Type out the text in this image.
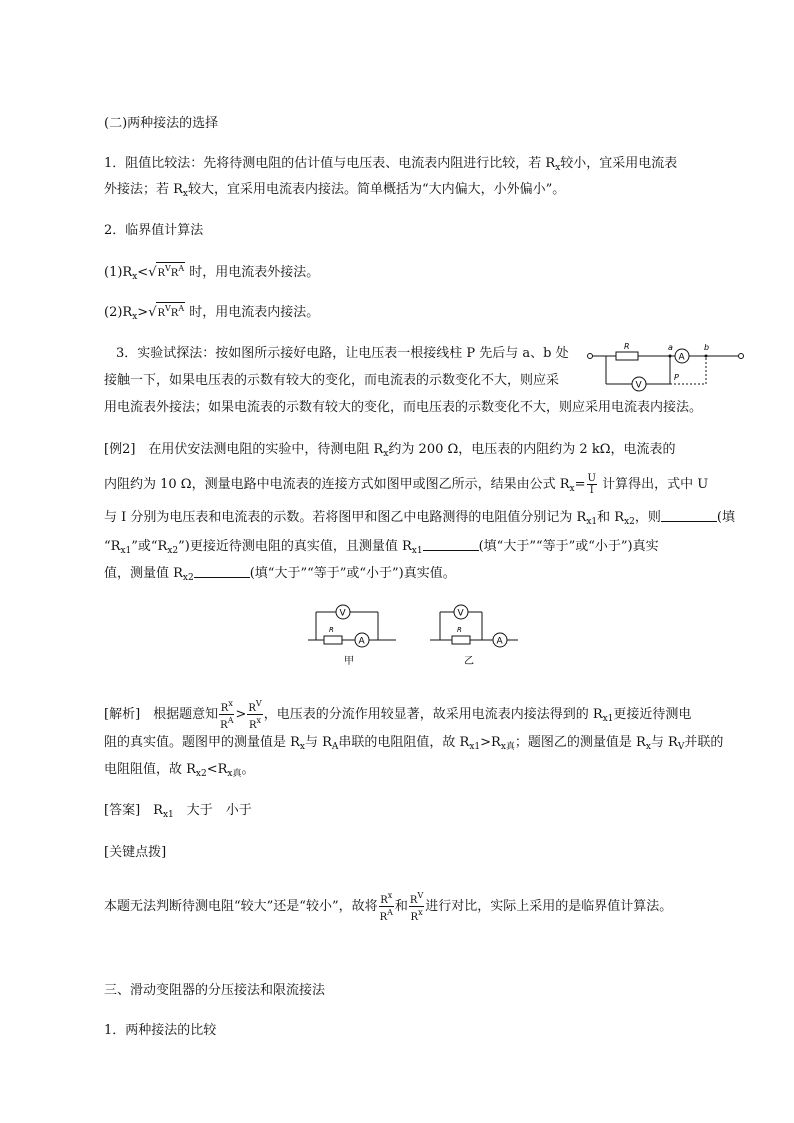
(二)两种接法的选择
1．阻值比较法：先将待测电阻的估计值与电压表、电流表内阻进行比较，若 $R_x$较小，宜采用电流表
外接法；若 $R_x$较大，宜采用电流表内接法。简单概括为“大内偏大，小外偏小”。
2．临界值计算法
$(1)R_x<√R^VR^A$ 时，用电流表外接法。
$(2)R_x>√R^VR^A$ 时，用电流表内接法。
3．实验试探法：按如图所示接好电路，让电压表一根接线柱 P 先后与 a、b 处
接触一下，如果电压表的示数有较大的变化，而电流表的示数变化不大，则应采
用电流表外接法；如果电流表的示数有较大的变化，而电压表的示数变化不大，则应采用电流表内接法。
R	a
A
b
V
P
[例2]　在用伏安法测电阻的实验中，待测电阻 $R_x$约为 200 Ω，电压表的内阻约为 2 kΩ，电流表的
内阻约为 10 Ω，测量电路中电流表的连接方式如图甲或图乙所示，结果由公式 $R_x= \frac{U}{I}$ 计算得出，式中 U
与 I 分别为电压表和电流表的示数。若将图甲和图乙中电路测得的电阻值分别记为 $R_{x1}$和 $R_{x2}$，则	(填
“$R_{x1}$”或“$R_{x2}$”)更接近待测电阻的真实值，且测量值 $R_{x1}$	(填“大于”“等于”或“小于”)真实
值，测量值 $R_{x2}$	(填“大于”“等于”或“小于”)真实值。
V
R
A
甲
V
R
A
乙
[解析]　根据题意知 $\frac{R^x}{R^A} > \frac{R^V}{R^x}$ ，电压表的分流作用较显著，故采用电流表内接法得到的 $R_{x1}$更接近待测电
阻的真实值。题图甲的测量值是 $R_x$与 $R_A$串联的电阻阻值，故 $R_{x1}>R_{x真}$；题图乙的测量值是 $R_x$与 $R_V$并联的
电阻阻值，故 $R_{x2}<R_{x真}$。
[答案]　$R_{x1}$　大于　小于
[关键点拨]
本题无法判断待测电阻“较大”还是“较小”，故将 $\frac{R^x}{R^A}$ 和 $\frac{R^V}{R^x}$ 进行对比，实际上采用的是临界值计算法。
三、滑动变阻器的分压接法和限流接法
1．两种接法的比较
